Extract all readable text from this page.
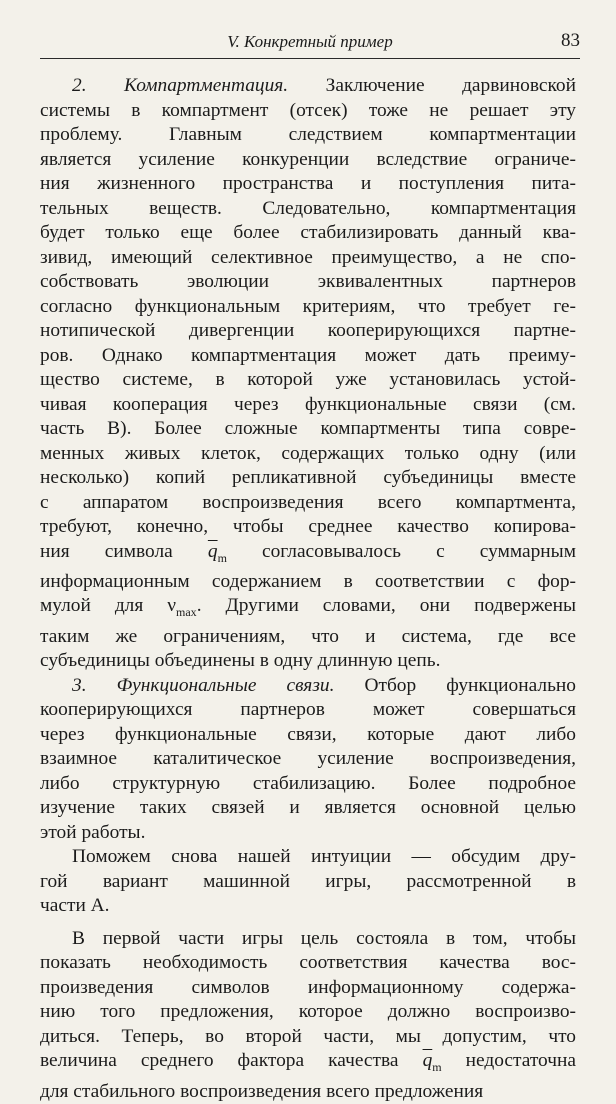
V. Конкретный пример	83
2. Компартментация. Заключение дарвиновской
системы в компартмент (отсек) тоже не решает эту
проблему. Главным следствием компартментации
является усиление конкуренции вследствие ограниче-
ния жизненного пространства и поступления пита-
тельных веществ. Следовательно, компартментация
будет только еще более стабилизировать данный ква-
зивид, имеющий селективное преимущество, а не спо-
собствовать эволюции эквивалентных партнеров
согласно функциональным критериям, что требует ге-
нотипической дивергенции кооперирующихся партне-
ров. Однако компартментация может дать преиму-
щество системе, в которой уже установилась устой-
чивая кооперация через функциональные связи (см.
часть В). Более сложные компартменты типа совре-
менных живых клеток, содержащих только одну (или
несколько) копий репликативной субъединицы вместе
с аппаратом воспроизведения всего компартмента,
требуют, конечно, чтобы среднее качество копирова-
ния символа $\overline{q}_m$ согласовывалось с суммарным
информационным содержанием в соответствии с фор-
мулой для $\nu_{max}$. Другими словами, они подвержены
таким же ограничениям, что и система, где все
субъединицы объединены в одну длинную цепь.
3. Функциональные связи. Отбор функционально
кооперирующихся партнеров может совершаться
через функциональные связи, которые дают либо
взаимное каталитическое усиление воспроизведения,
либо структурную стабилизацию. Более подробное
изучение таких связей и является основной целью
этой работы.
Поможем снова нашей интуиции — обсудим дру-
гой вариант машинной игры, рассмотренной в
части А.
В первой части игры цель состояла в том, чтобы
показать необходимость соответствия качества вос-
произведения символов информационному содержа-
нию того предложения, которое должно воспроизво-
диться. Теперь, во второй части, мы допустим, что
величина среднего фактора качества $\overline{q}_m$ недостаточна
для стабильного воспроизведения всего предложения
